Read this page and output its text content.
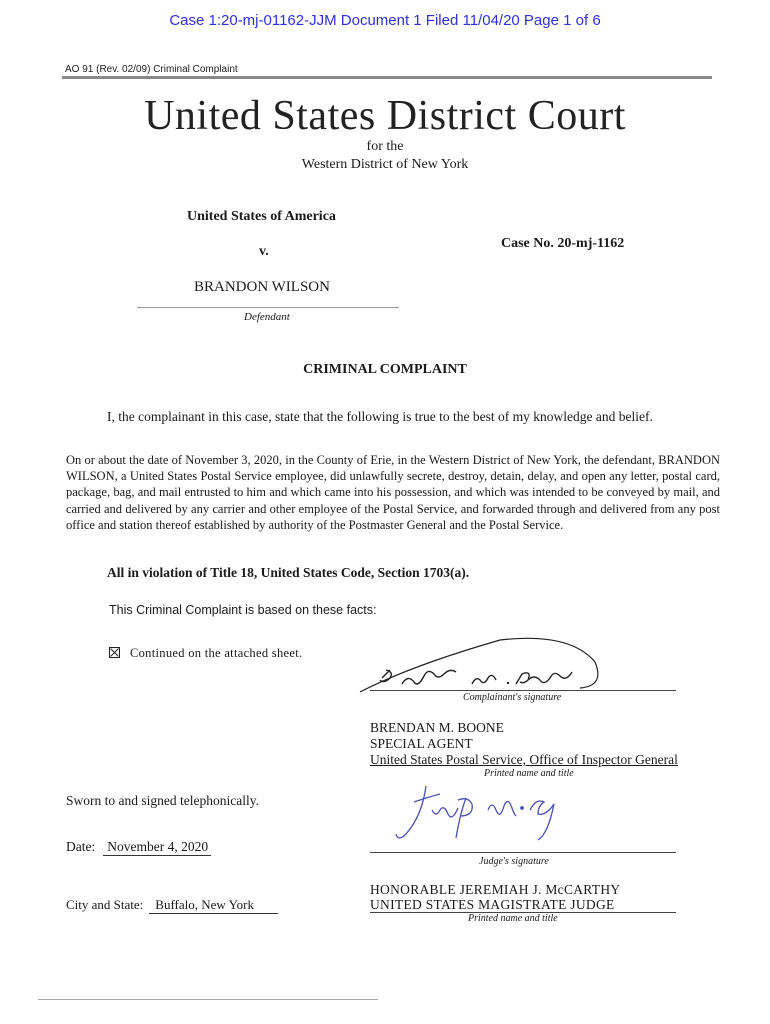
Case 1:20-mj-01162-JJM Document 1 Filed 11/04/20 Page 1 of 6
AO 91 (Rev. 02/09) Criminal Complaint
United States District Court
for the
Western District of New York
United States of America
v.
Case No. 20-mj-1162
BRANDON WILSON
Defendant
CRIMINAL COMPLAINT
I, the complainant in this case, state that the following is true to the best of my knowledge and belief.
On or about the date of November 3, 2020, in the County of Erie, in the Western District of New York, the defendant, BRANDON WILSON, a United States Postal Service employee, did unlawfully secrete, destroy, detain, delay, and open any letter, postal card, package, bag, and mail entrusted to him and which came into his possession, and which was intended to be conveyed by mail, and carried and delivered by any carrier and other employee of the Postal Service, and forwarded through and delivered from any post office and station thereof established by authority of the Postmaster General and the Postal Service.
All in violation of Title 18, United States Code, Section 1703(a).
This Criminal Complaint is based on these facts:
Continued on the attached sheet.
Complainant's signature
BRENDAN M. BOONE
SPECIAL AGENT
United States Postal Service, Office of Inspector General
Printed name and title
Sworn to and signed telephonically.
Judge's signature
Date: November 4, 2020
HONORABLE JEREMIAH J. McCARTHY
UNITED STATES MAGISTRATE JUDGE
Printed name and title
City and State: Buffalo, New York
